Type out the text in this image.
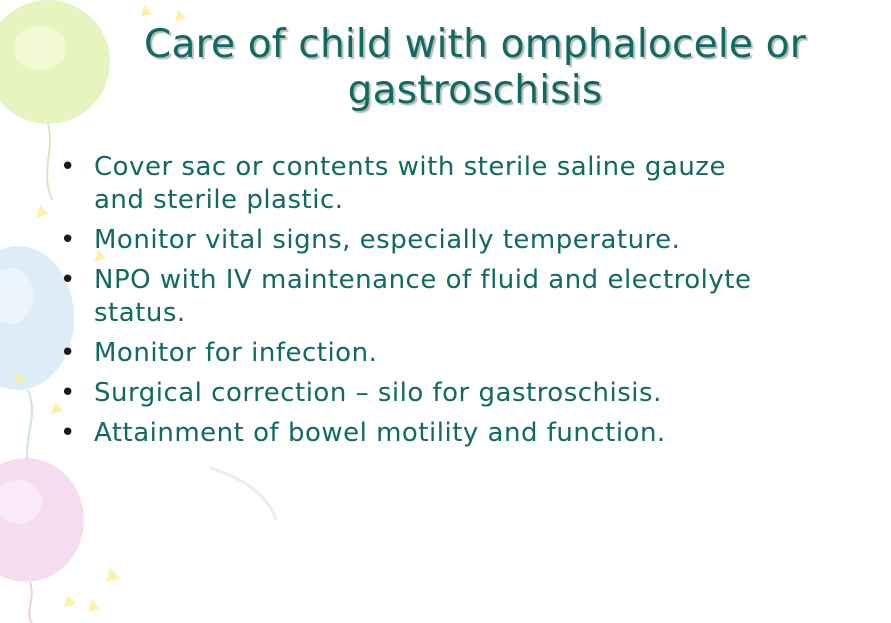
Care of child with omphalocele or
gastroschisis
• Cover sac or contents with sterile saline gauze
and sterile plastic.
• Monitor vital signs, especially temperature.
• NPO with IV maintenance of fluid and electrolyte
status.
• Monitor for infection.
• Surgical correction – silo for gastroschisis.
• Attainment of bowel motility and function.
